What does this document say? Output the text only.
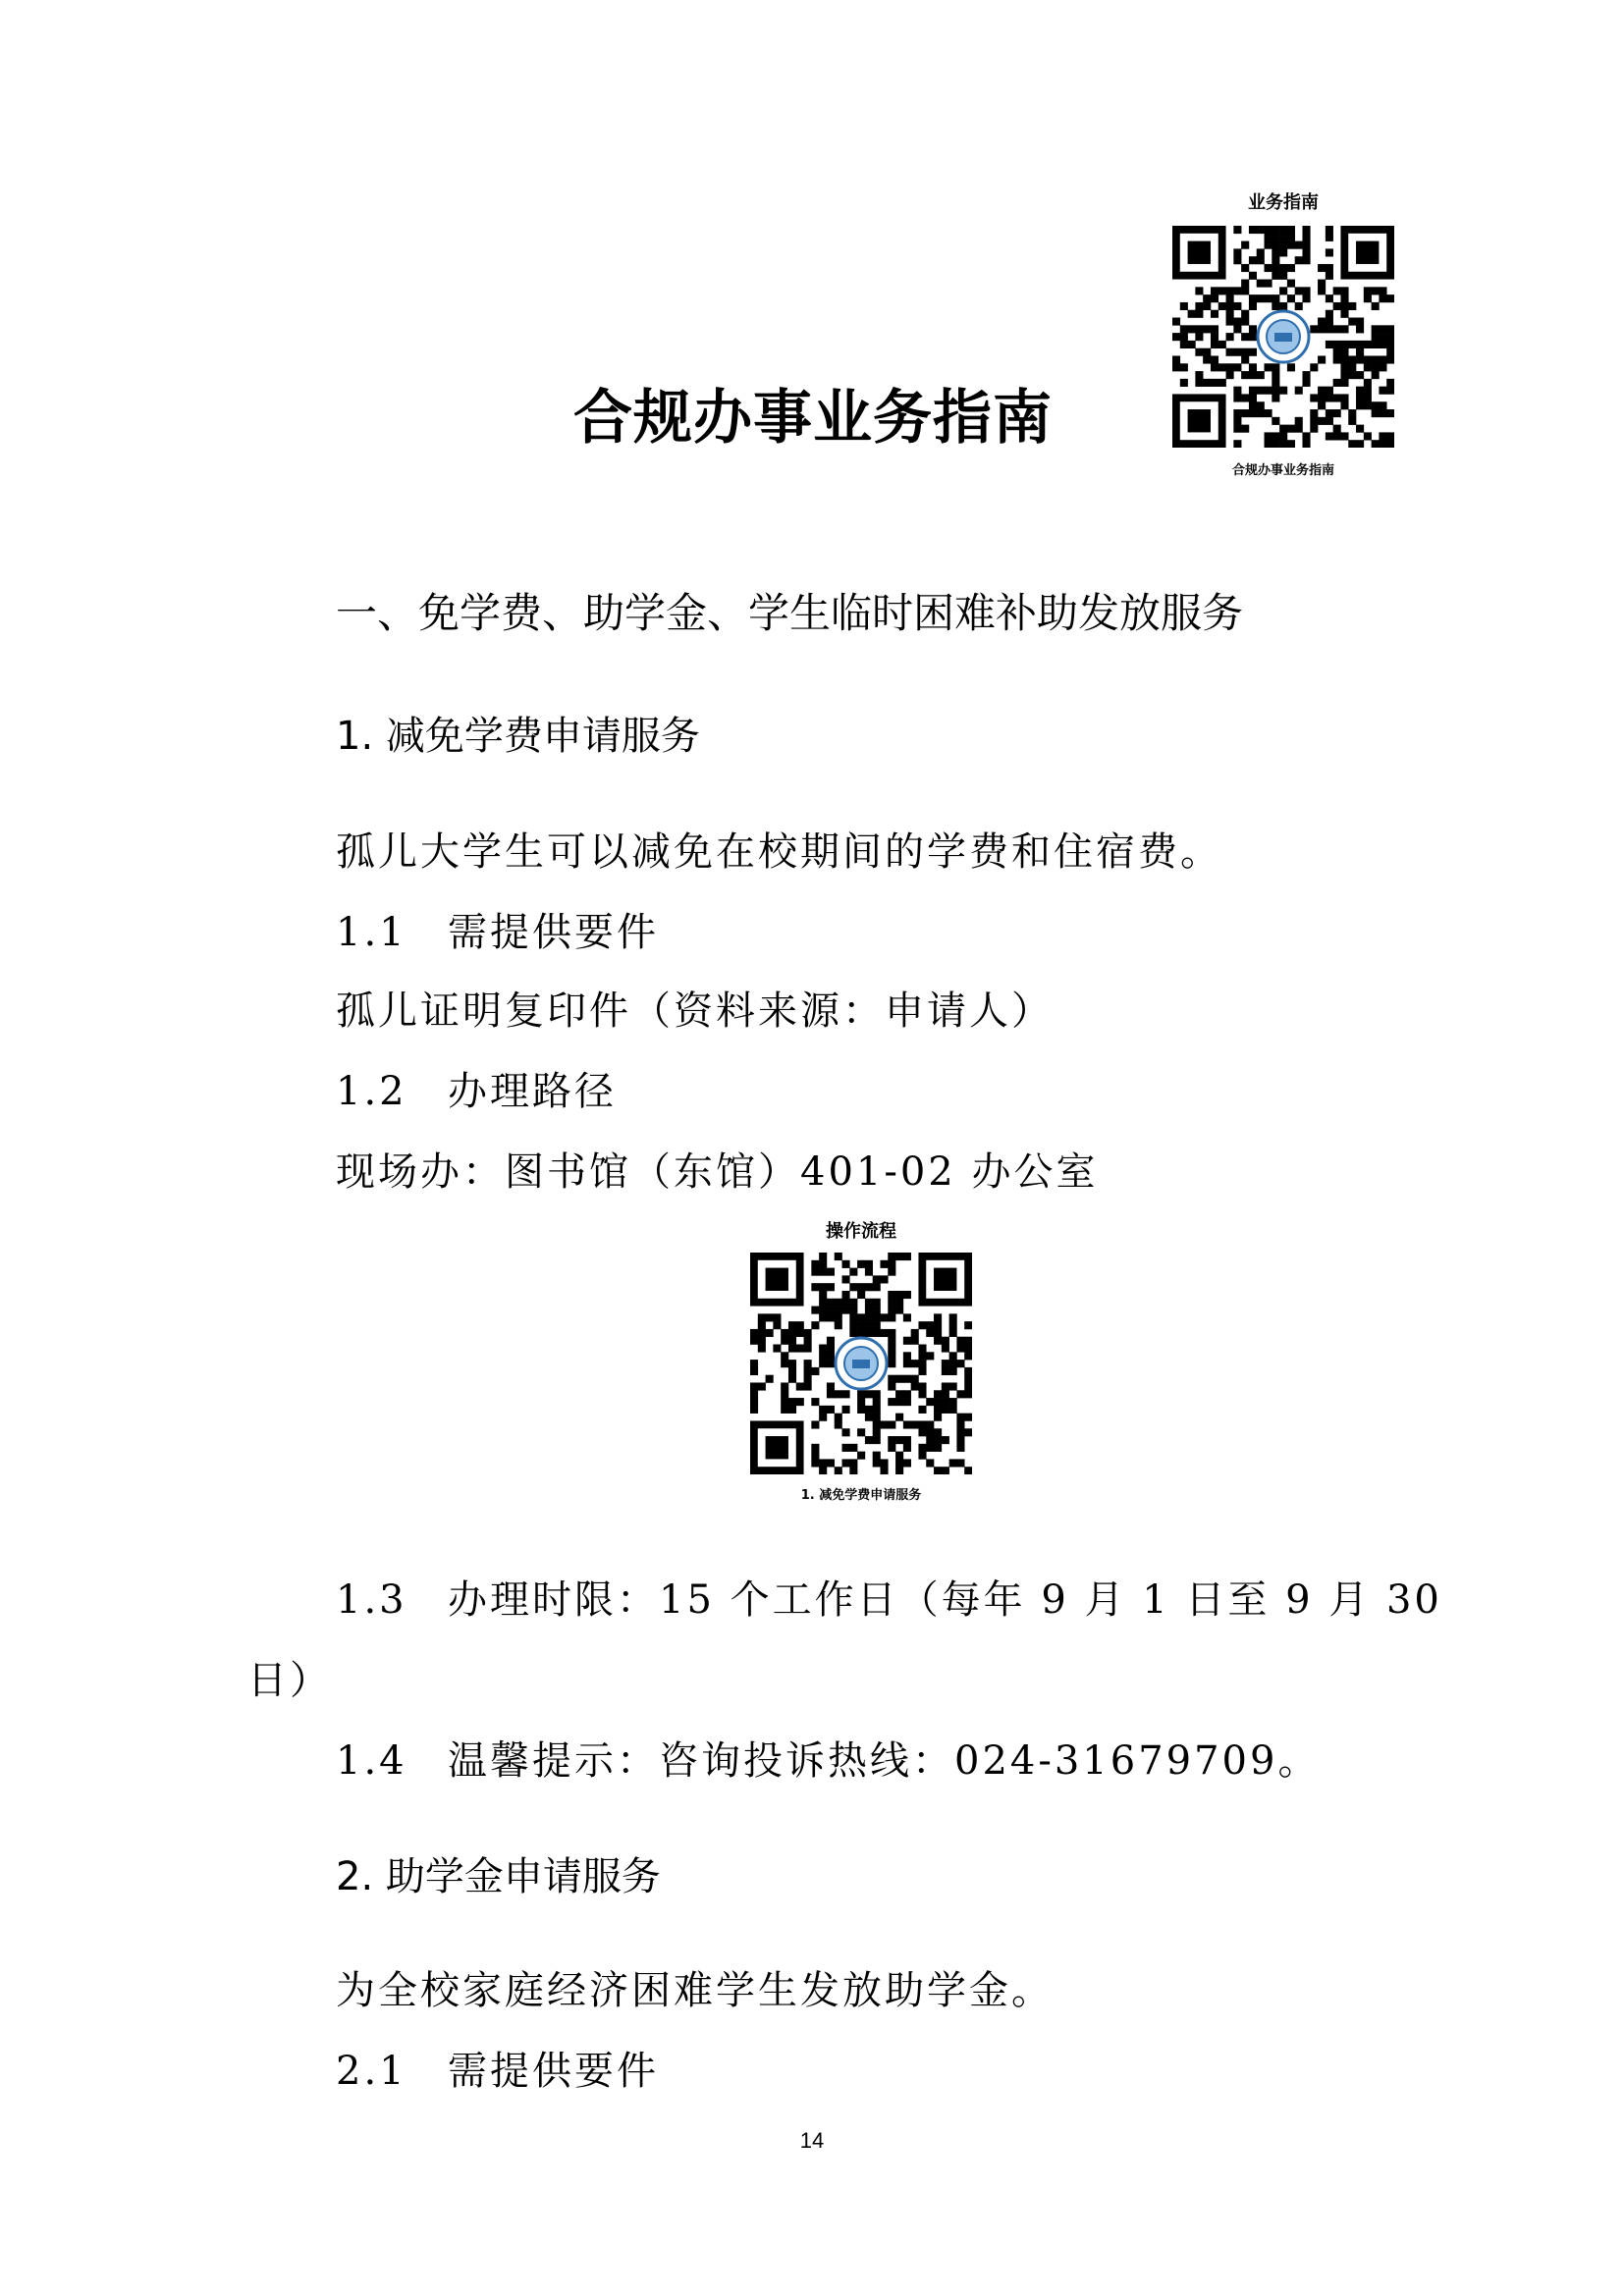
业务指南
合规办事业务指南
合规办事业务指南
一、免学费、助学金、学生临时困难补助发放服务
1. 减免学费申请服务
孤儿大学生可以减免在校期间的学费和住宿费。
1.1 需提供要件
孤儿证明复印件（资料来源：申请人）
1.2 办理路径
现场办：图书馆（东馆）401-02 办公室
操作流程
1. 减免学费申请服务
1.3 办理时限：15 个工作日（每年 9 月 1 日至 9 月 30
日）
1.4 温馨提示：咨询投诉热线：024-31679709。
2. 助学金申请服务
为全校家庭经济困难学生发放助学金。
2.1 需提供要件
14
